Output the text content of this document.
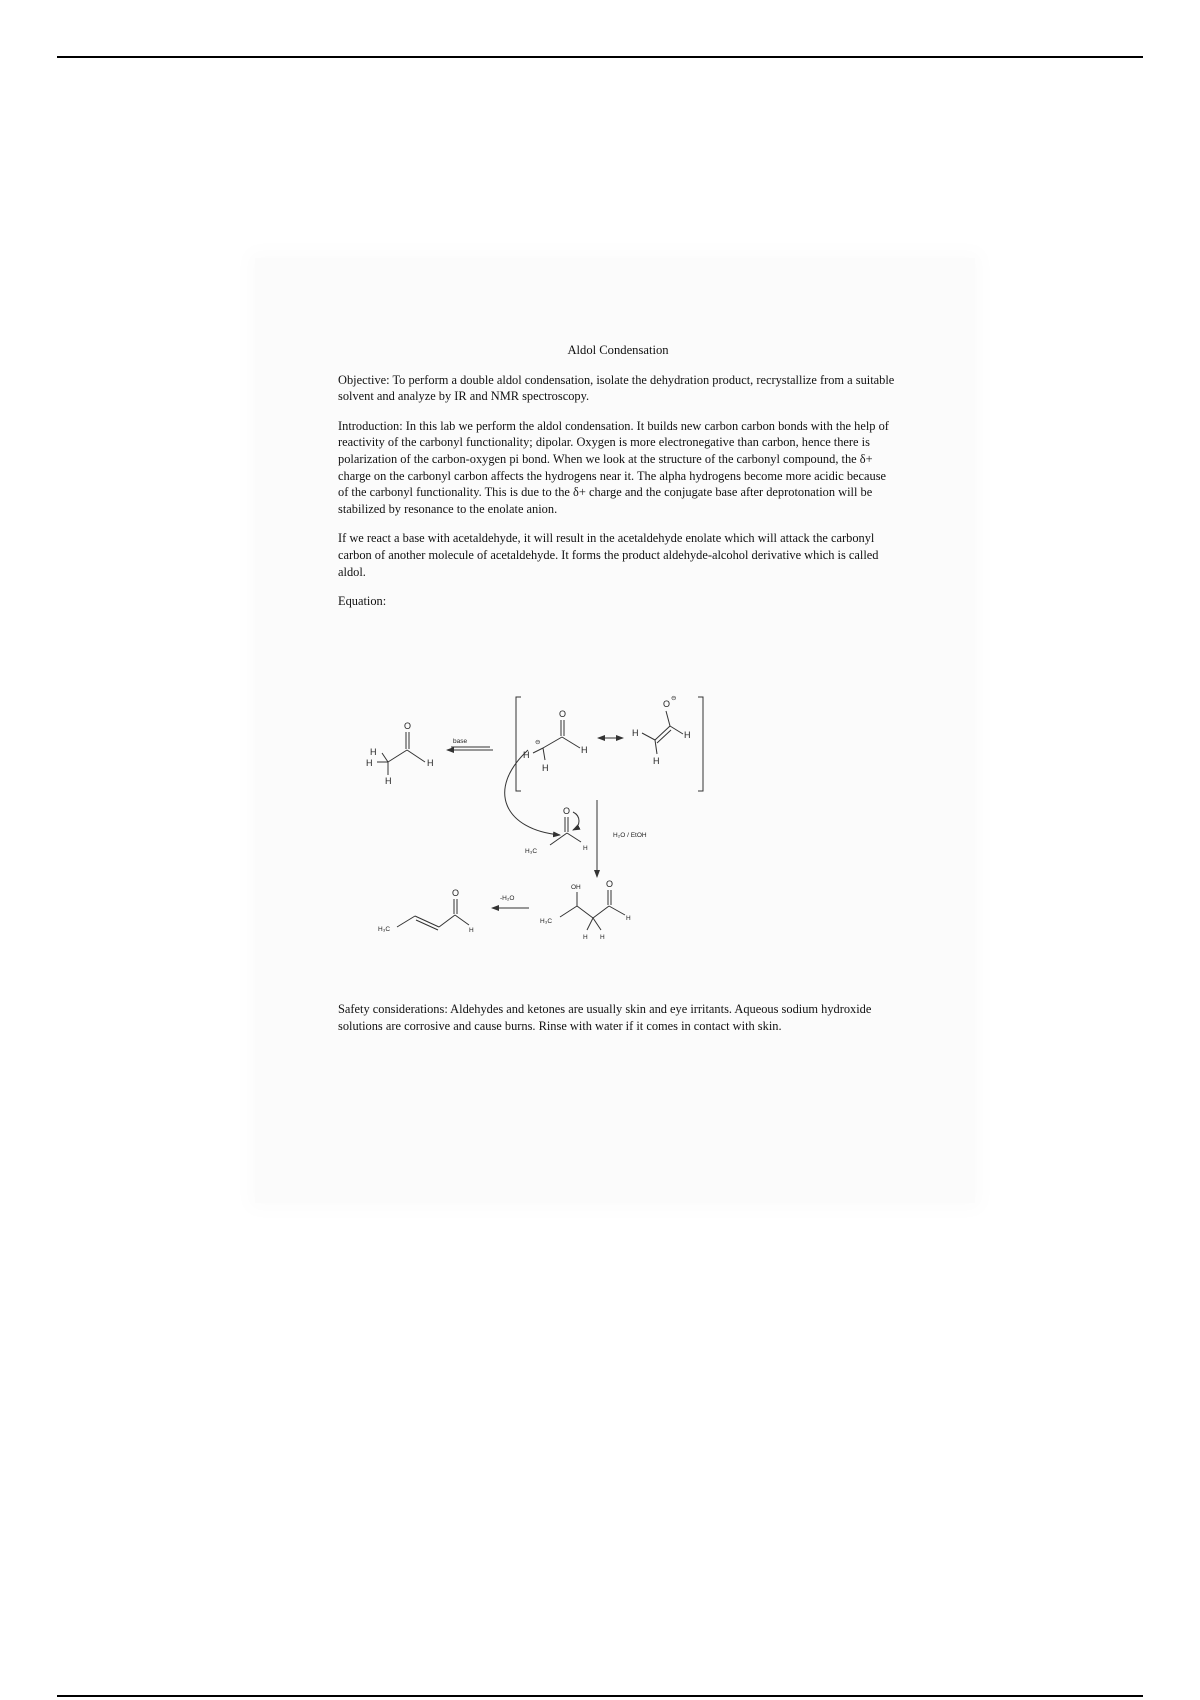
Aldol Condensation

Objective: To perform a double aldol condensation, isolate the dehydration product, recrystallize from a suitable solvent and analyze by IR and NMR spectroscopy.

Introduction: In this lab we perform the aldol condensation. It builds new carbon carbon bonds with the help of reactivity of the carbonyl functionality; dipolar. Oxygen is more electronegative than carbon, hence there is polarization of the carbon-oxygen pi bond. When we look at the structure of the carbonyl compound, the δ+ charge on the carbonyl carbon affects the hydrogens near it. The alpha hydrogens become more acidic because of the carbonyl functionality. This is due to the δ+ charge and the conjugate base after deprotonation will be stabilized by resonance to the enolate anion.

If we react a base with acetaldehyde, it will result in the acetaldehyde enolate which will attack the carbonyl carbon of another molecule of acetaldehyde. It forms the product aldehyde-alcohol derivative which is called aldol.

Equation:

O
H
H
H
H
base
O
⊖
H
H
H
O
⊖
H	H
H
O
H₃C	H
H₂O / EtOH
OH	O
H₃C	H
H H
-H₂O
O
H₃C	H

Safety considerations: Aldehydes and ketones are usually skin and eye irritants. Aqueous sodium hydroxide solutions are corrosive and cause burns. Rinse with water if it comes in contact with skin.
